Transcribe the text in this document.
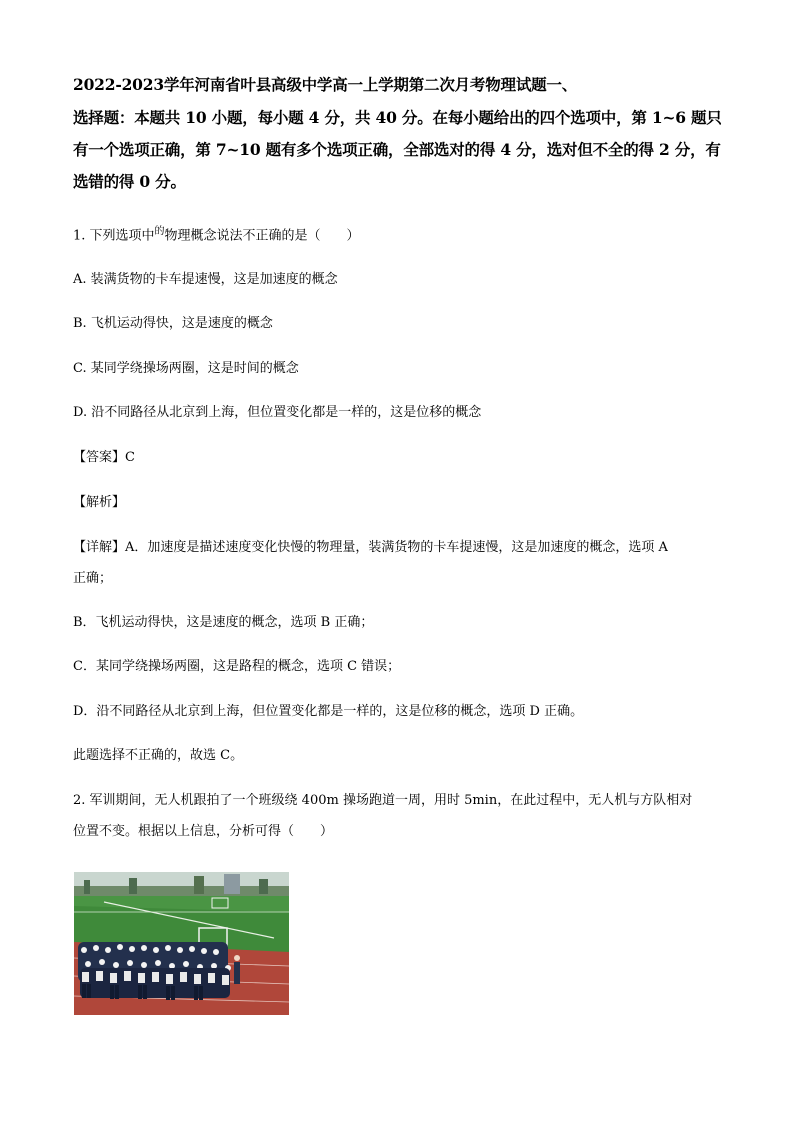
2022-2023学年河南省叶县高级中学高一上学期第二次月考物理试题一、
选择题：本题共 10 小题，每小题 4 分，共 40 分。在每小题给出的四个选项中，第 1~6 题只
有一个选项正确，第 7~10 题有多个选项正确，全部选对的得 4 分，选对但不全的得 2 分，有
选错的得 0 分。
1. 下列选项中$^的$物理概念说法不正确的是（　　）
A. 装满货物的卡车提速慢，这是加速度的概念
B. 飞机运动得快，这是速度的概念
C. 某同学绕操场两圈，这是时间的概念
D. 沿不同路径从北京到上海，但位置变化都是一样的，这是位移的概念
【答案】C
【解析】
【详解】A．加速度是描述速度变化快慢的物理量，装满货物的卡车提速慢，这是加速度的概念，选项 A
正确；
B．飞机运动得快，这是速度的概念，选项 B 正确；
C．某同学绕操场两圈，这是路程的概念，选项 C 错误；
D．沿不同路径从北京到上海，但位置变化都是一样的，这是位移的概念，选项 D 正确。
此题选择不正确的，故选 C。
2. 军训期间，无人机跟拍了一个班级绕 400m 操场跑道一周，用时 5min，在此过程中，无人机与方队相对
位置不变。根据以上信息，分析可得（　　）
